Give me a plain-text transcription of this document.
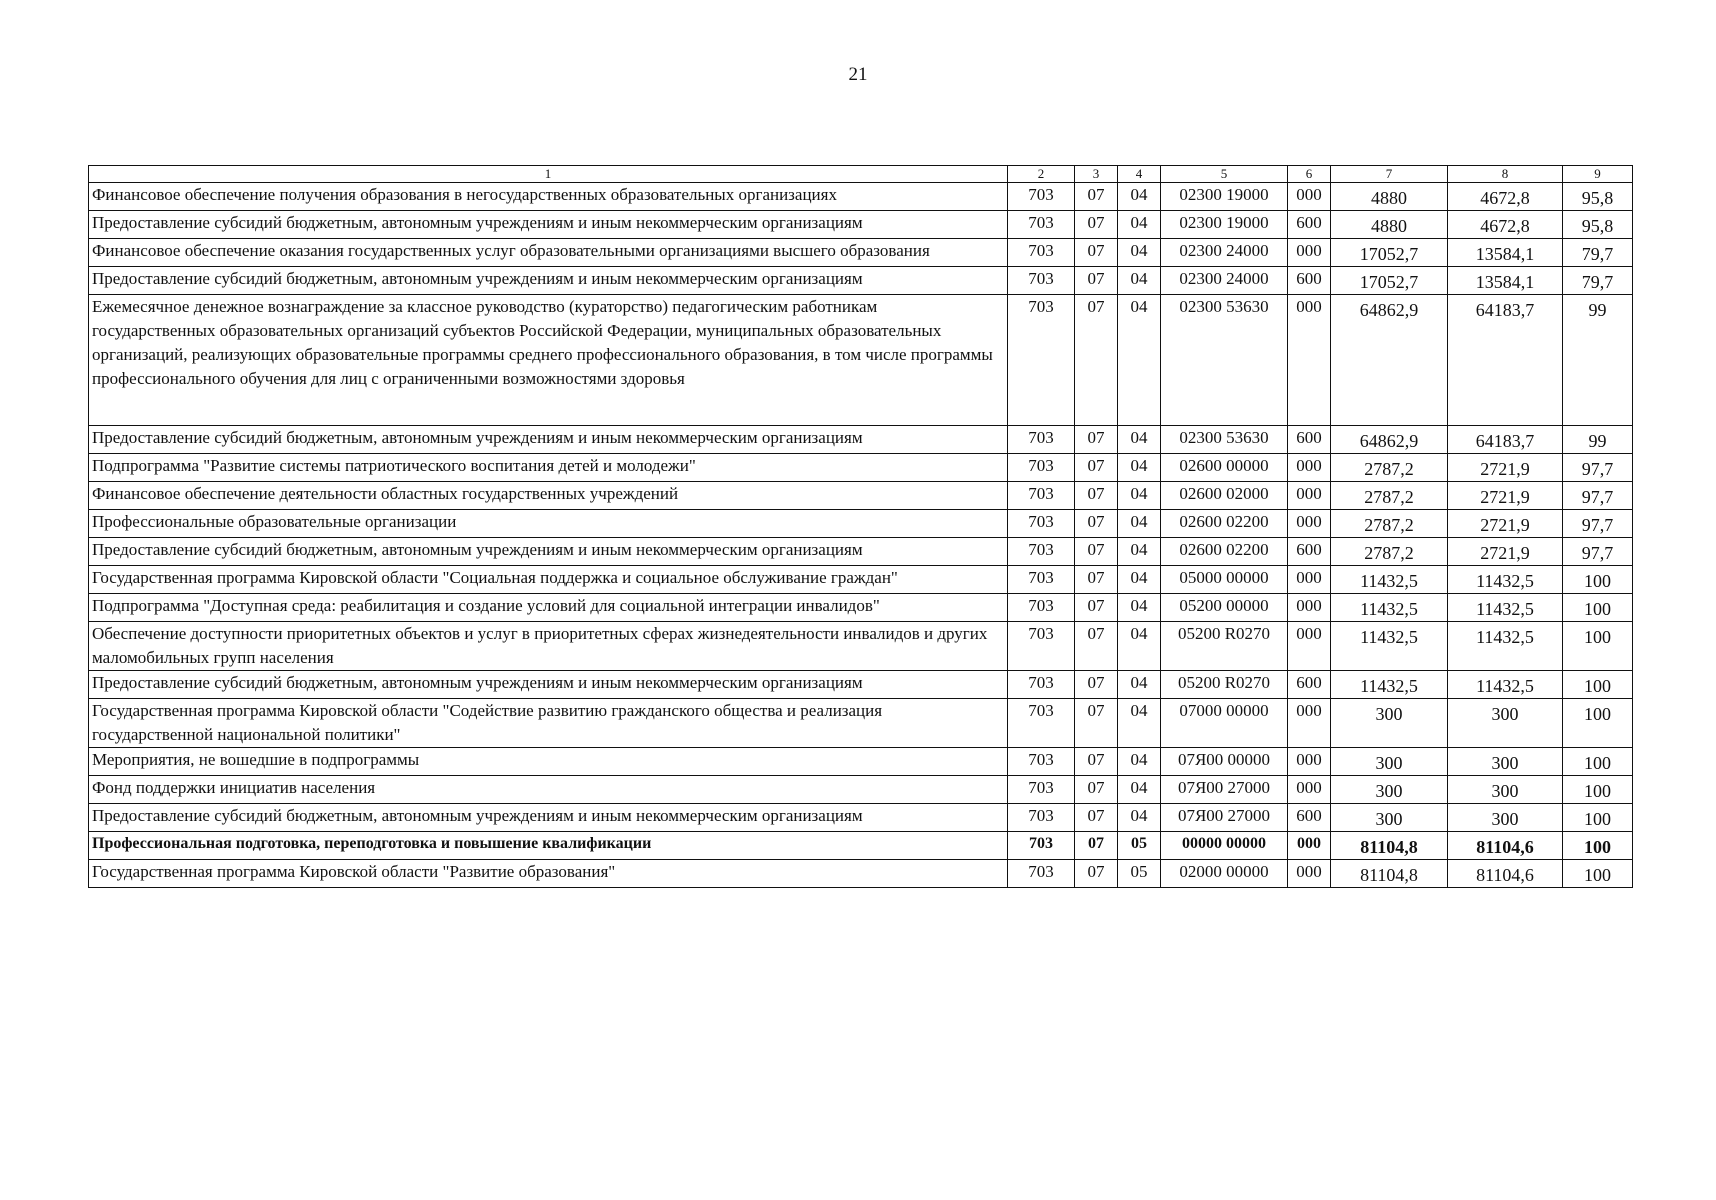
21
1	2	3	4	5	6	7	8	9
Финансовое обеспечение получения образования в негосударственных образовательных организациях	703	07	04	02300 19000	000	4880	4672,8	95,8
Предоставление субсидий бюджетным, автономным учреждениям и иным некоммерческим организациям	703	07	04	02300 19000	600	4880	4672,8	95,8
Финансовое обеспечение оказания государственных услуг образовательными организациями высшего образования	703	07	04	02300 24000	000	17052,7	13584,1	79,7
Предоставление субсидий бюджетным, автономным учреждениям и иным некоммерческим организациям	703	07	04	02300 24000	600	17052,7	13584,1	79,7
Ежемесячное денежное вознаграждение за классное руководство (кураторство) педагогическим работникам государственных образовательных организаций субъектов Российской Федерации, муниципальных образовательных организаций, реализующих образовательные программы среднего профессионального образования, в том числе программы профессионального обучения для лиц с ограниченными возможностями здоровья	703	07	04	02300 53630	000	64862,9	64183,7	99
Предоставление субсидий бюджетным, автономным учреждениям и иным некоммерческим организациям	703	07	04	02300 53630	600	64862,9	64183,7	99
Подпрограмма "Развитие системы патриотического воспитания детей и молодежи"	703	07	04	02600 00000	000	2787,2	2721,9	97,7
Финансовое обеспечение деятельности областных государственных учреждений	703	07	04	02600 02000	000	2787,2	2721,9	97,7
Профессиональные образовательные организации	703	07	04	02600 02200	000	2787,2	2721,9	97,7
Предоставление субсидий бюджетным, автономным учреждениям и иным некоммерческим организациям	703	07	04	02600 02200	600	2787,2	2721,9	97,7
Государственная программа Кировской области "Социальная поддержка и социальное обслуживание граждан"	703	07	04	05000 00000	000	11432,5	11432,5	100
Подпрограмма "Доступная среда: реабилитация и создание условий для социальной интеграции инвалидов"	703	07	04	05200 00000	000	11432,5	11432,5	100
Обеспечение доступности приоритетных объектов и услуг в приоритетных сферах жизнедеятельности инвалидов и других маломобильных групп населения	703	07	04	05200 R0270	000	11432,5	11432,5	100
Предоставление субсидий бюджетным, автономным учреждениям и иным некоммерческим организациям	703	07	04	05200 R0270	600	11432,5	11432,5	100
Государственная программа Кировской области "Содействие развитию гражданского общества и реализация государственной национальной политики"	703	07	04	07000 00000	000	300	300	100
Мероприятия, не вошедшие в подпрограммы	703	07	04	07Я00 00000	000	300	300	100
Фонд поддержки инициатив населения	703	07	04	07Я00 27000	000	300	300	100
Предоставление субсидий бюджетным, автономным учреждениям и иным некоммерческим организациям	703	07	04	07Я00 27000	600	300	300	100
Профессиональная подготовка, переподготовка и повышение квалификации	703	07	05	00000 00000	000	81104,8	81104,6	100
Государственная программа Кировской области "Развитие образования"	703	07	05	02000 00000	000	81104,8	81104,6	100
